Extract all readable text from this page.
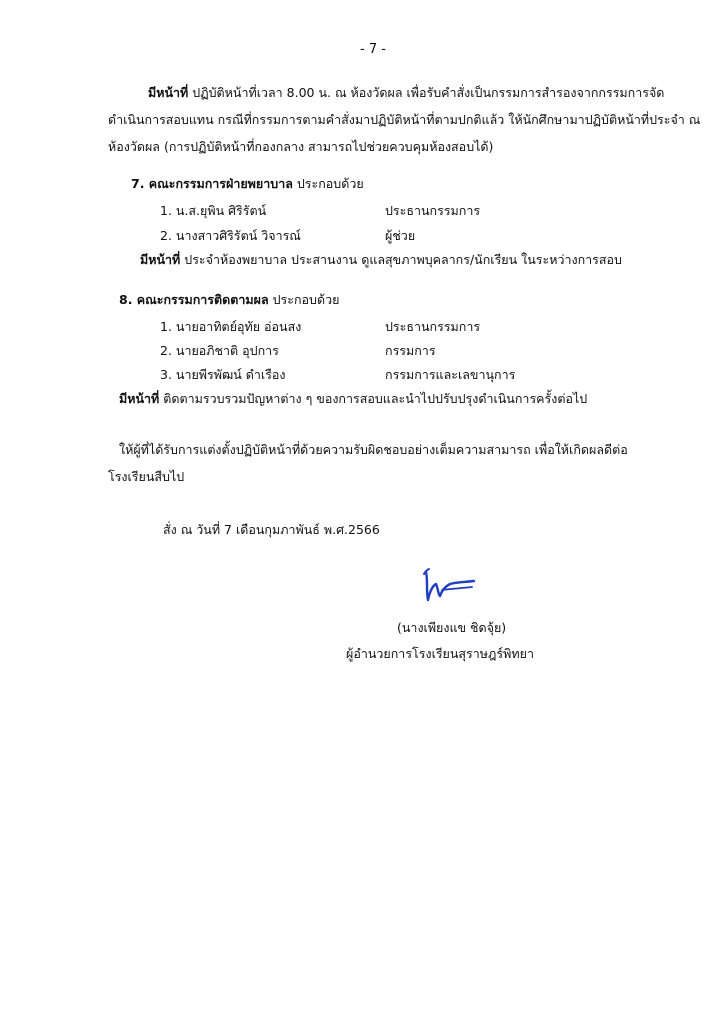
- 7 -
มีหน้าที่ ปฏิบัติหน้าที่เวลา 8.00 น. ณ ห้องวัดผล เพื่อรับคำสั่งเป็นกรรมการสำรองจากกรรมการจัด
ดำเนินการสอบแทน กรณีที่กรรมการตามคำสั่งมาปฏิบัติหน้าที่ตามปกติแล้ว ให้นักศึกษามาปฏิบัติหน้าที่ประจำ ณ
ห้องวัดผล (การปฏิบัติหน้าที่กองกลาง สามารถไปช่วยควบคุมห้องสอบได้)
7. คณะกรรมการฝ่ายพยาบาล ประกอบด้วย
1. น.ส.ยุพิน ศิริรัตน์	ประธานกรรมการ
2. นางสาวศิริรัตน์ วิจารณ์	ผู้ช่วย
มีหน้าที่ ประจำห้องพยาบาล ประสานงาน ดูแลสุขภาพบุคลากร/นักเรียน ในระหว่างการสอบ
8. คณะกรรมการติดตามผล ประกอบด้วย
1. นายอาทิตย์อุทัย อ่อนสง	ประธานกรรมการ
2. นายอภิชาติ อุปการ	กรรมการ
3. นายพีรพัฒน์ ดำเรือง	กรรมการและเลขานุการ
มีหน้าที่ ติดตามรวบรวมปัญหาต่าง ๆ ของการสอบและนำไปปรับปรุงดำเนินการครั้งต่อไป
ให้ผู้ที่ได้รับการแต่งตั้งปฏิบัติหน้าที่ด้วยความรับผิดชอบอย่างเต็มความสามารถ เพื่อให้เกิดผลดีต่อ
โรงเรียนสืบไป
สั่ง ณ วันที่ 7 เดือนกุมภาพันธ์ พ.ศ.2566
(นางเพียงแข ชิดจุ้ย)
ผู้อำนวยการโรงเรียนสุราษฎร์พิทยา
